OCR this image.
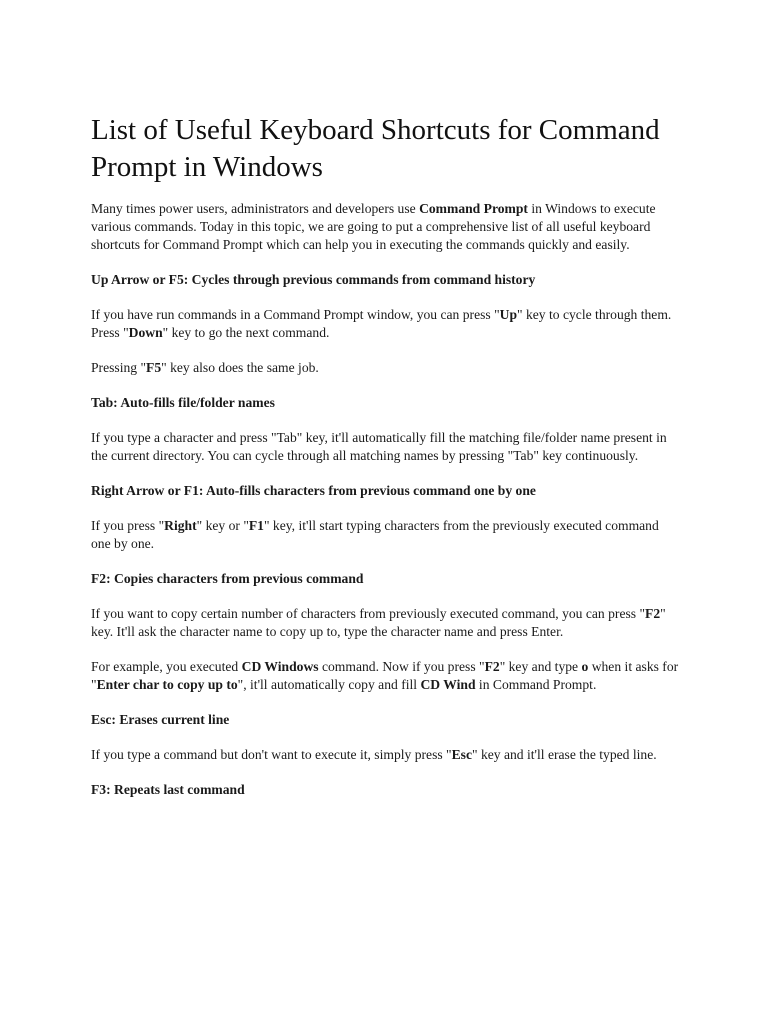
List of Useful Keyboard Shortcuts for Command Prompt in Windows

Many times power users, administrators and developers use Command Prompt in Windows to execute various commands. Today in this topic, we are going to put a comprehensive list of all useful keyboard shortcuts for Command Prompt which can help you in executing the commands quickly and easily.

Up Arrow or F5: Cycles through previous commands from command history

If you have run commands in a Command Prompt window, you can press "Up" key to cycle through them. Press "Down" key to go the next command.

Pressing "F5" key also does the same job.

Tab: Auto-fills file/folder names

If you type a character and press "Tab" key, it'll automatically fill the matching file/folder name present in the current directory. You can cycle through all matching names by pressing "Tab" key continuously.

Right Arrow or F1: Auto-fills characters from previous command one by one

If you press "Right" key or "F1" key, it'll start typing characters from the previously executed command one by one.

F2: Copies characters from previous command

If you want to copy certain number of characters from previously executed command, you can press "F2" key. It'll ask the character name to copy up to, type the character name and press Enter.

For example, you executed CD Windows command. Now if you press "F2" key and type o when it asks for "Enter char to copy up to", it'll automatically copy and fill CD Wind in Command Prompt.

Esc: Erases current line

If you type a command but don't want to execute it, simply press "Esc" key and it'll erase the typed line.

F3: Repeats last command
